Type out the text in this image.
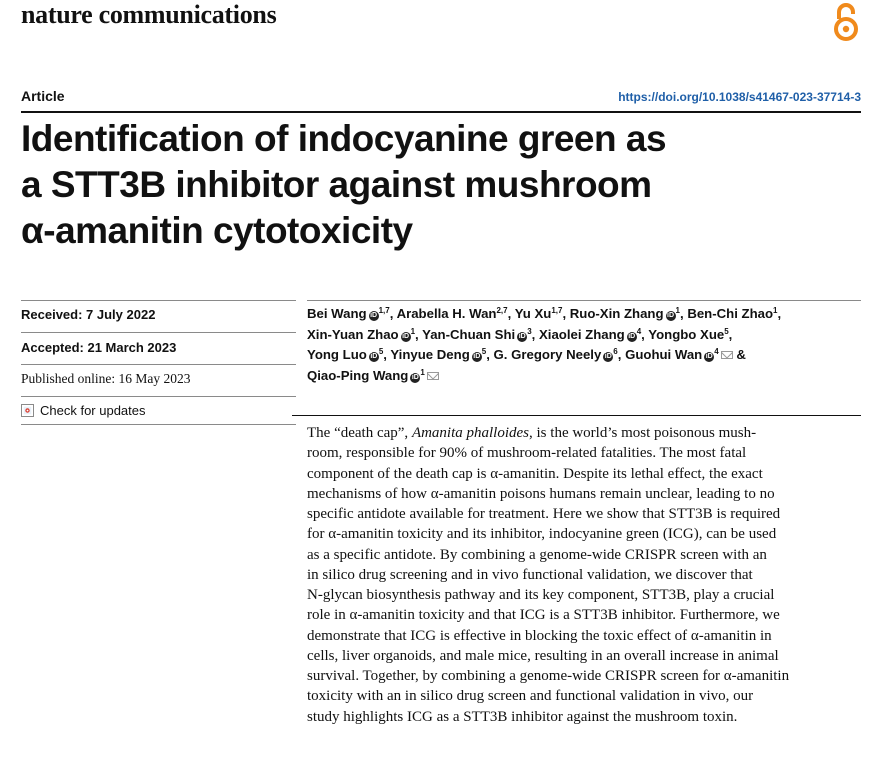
nature communications
Article	https://doi.org/10.1038/s41467-023-37714-3
Identification of indocyanine green as
a STT3B inhibitor against mushroom
α-amanitin cytotoxicity
Received: 7 July 2022
Accepted: 21 March 2023
Published online: 16 May 2023
Check for updates
Bei Wang iD$^{1,7}$, Arabella H. Wan$^{2,7}$, Yu Xu$^{1,7}$, Ruo-Xin Zhang $iD^1$, Ben-Chi Zhao$^1$,
Xin-Yuan Zhao $iD^1$, Yan-Chuan Shi $iD^3$, Xiaolei Zhang $iD^4$, Yongbo Xue$^5$,
Yong Luo $iD^5$, Yinyue Deng $iD^5$, G. Gregory Neely $iD^6$, Guohui Wan $iD^4$ &
Qiao-Ping Wang $iD^1$
The “death cap”, Amanita phalloides, is the world’s most poisonous mush-
room, responsible for 90% of mushroom-related fatalities. The most fatal
component of the death cap is α-amanitin. Despite its lethal effect, the exact
mechanisms of how α-amanitin poisons humans remain unclear, leading to no
specific antidote available for treatment. Here we show that STT3B is required
for α-amanitin toxicity and its inhibitor, indocyanine green (ICG), can be used
as a specific antidote. By combining a genome-wide CRISPR screen with an
in silico drug screening and in vivo functional validation, we discover that
N-glycan biosynthesis pathway and its key component, STT3B, play a crucial
role in α-amanitin toxicity and that ICG is a STT3B inhibitor. Furthermore, we
demonstrate that ICG is effective in blocking the toxic effect of α-amanitin in
cells, liver organoids, and male mice, resulting in an overall increase in animal
survival. Together, by combining a genome-wide CRISPR screen for α-amanitin
toxicity with an in silico drug screen and functional validation in vivo, our
study highlights ICG as a STT3B inhibitor against the mushroom toxin.
